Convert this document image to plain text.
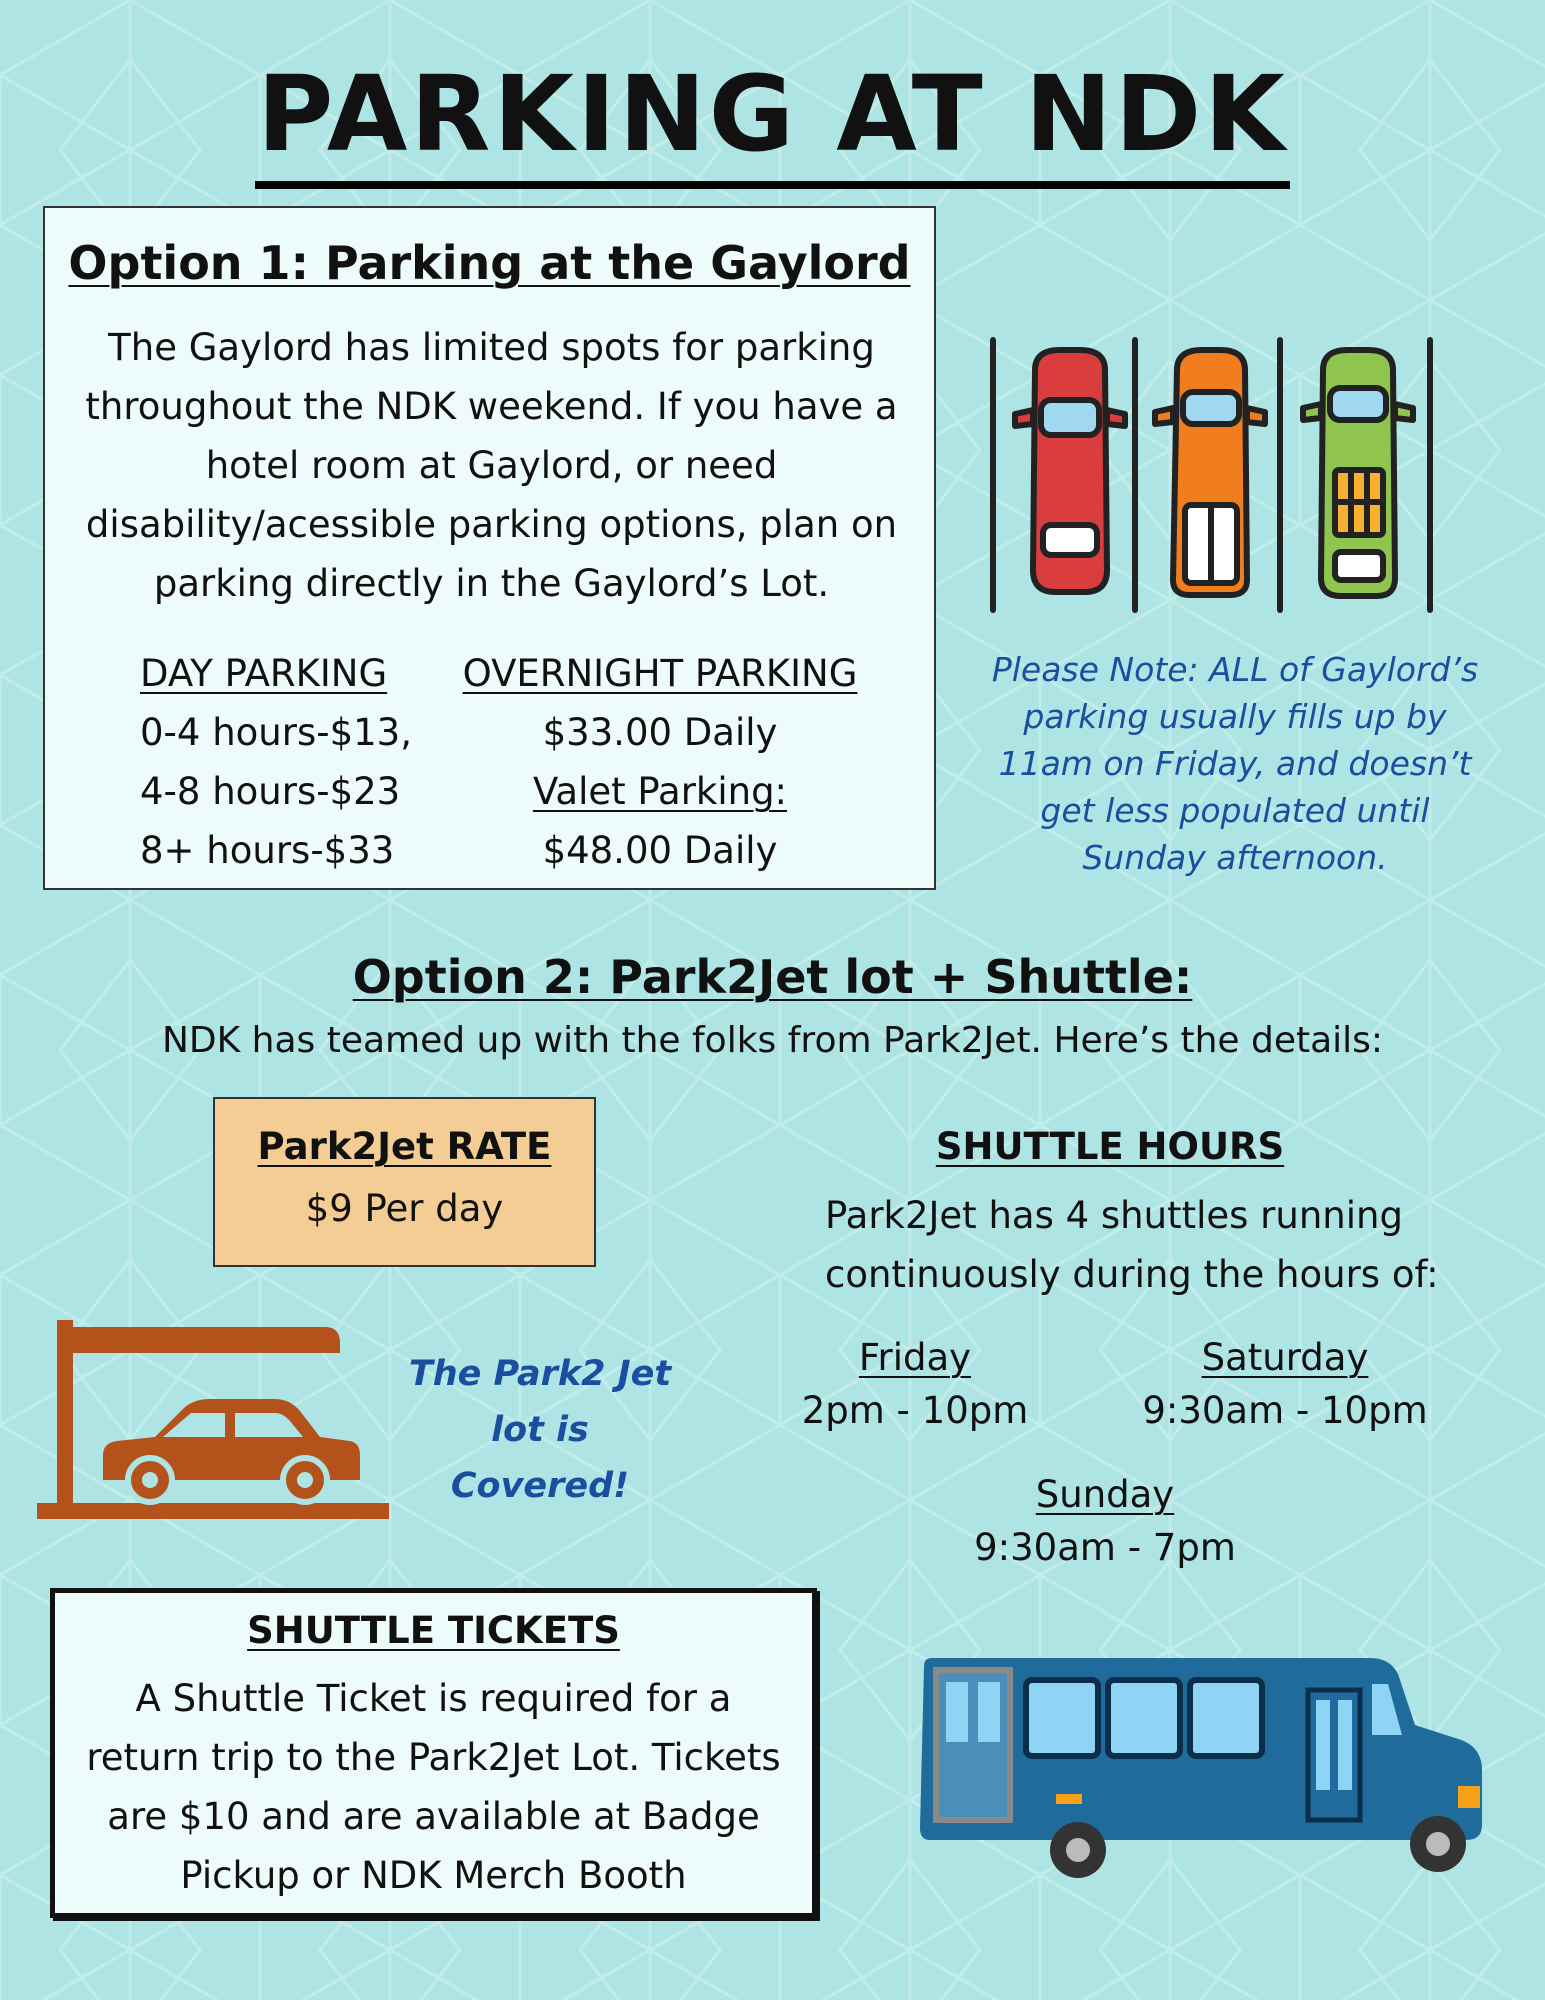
PARKING AT NDK
Option 1: Parking at the Gaylord
The Gaylord has limited spots for parking throughout the NDK weekend. If you have a hotel room at Gaylord, or need disability/acessible parking options, plan on parking directly in the Gaylord’s Lot.
DAY PARKING
0-4 hours-$13,
4-8 hours-$23
8+ hours-$33
OVERNIGHT PARKING
$33.00 Daily
Valet Parking:
$48.00 Daily
Please Note: ALL of Gaylord’s parking usually fills up by 11am on Friday, and doesn’t get less populated until Sunday afternoon.
Option 2: Park2Jet lot + Shuttle:
NDK has teamed up with the folks from Park2Jet. Here’s the details:
Park2Jet RATE
$9 Per day
The Park2 Jet
lot is
Covered!
SHUTTLE HOURS
Park2Jet has 4 shuttles running continuously during the hours of:
Friday
2pm - 10pm
Saturday
9:30am - 10pm
Sunday
9:30am - 7pm
SHUTTLE TICKETS
A Shuttle Ticket is required for a return trip to the Park2Jet Lot. Tickets are $10 and are available at Badge Pickup or NDK Merch Booth
